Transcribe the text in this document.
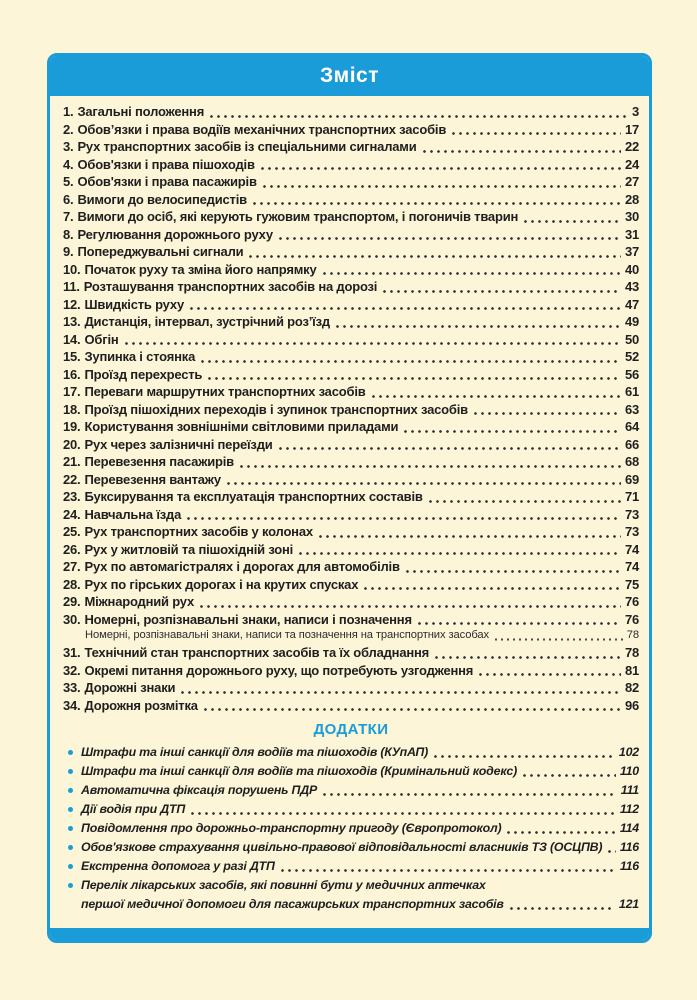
Зміст
1. Загальні положення	3
2. Обов’язки і права водіїв механічних транспортних засобів	17
3. Рух транспортних засобів із спеціальними сигналами	22
4. Обов'язки і права пішоходів	24
5. Обов'язки і права пасажирів	27
6. Вимоги до велосипедистів	28
7. Вимоги до осіб, які керують гужовим транспортом, і погоничів тварин	30
8. Регулювання дорожнього руху	31
9. Попереджувальні сигнали	37
10. Початок руху та зміна його напрямку	40
11. Розташування транспортних засобів на дорозі	43
12. Швидкість руху	47
13. Дистанція, інтервал, зустрічний роз’їзд	49
14. Обгін	50
15. Зупинка і стоянка	52
16. Проїзд перехресть	56
17. Переваги маршрутних транспортних засобів	61
18. Проїзд пішохідних переходів і зупинок транспортних засобів	63
19. Користування зовнішніми світловими приладами	64
20. Рух через залізничні переїзди	66
21. Перевезення пасажирів	68
22. Перевезення вантажу	69
23. Буксирування та експлуатація транспортних составів	71
24. Навчальна їзда	73
25. Рух транспортних засобів у колонах	73
26. Рух у житловій та пішохідній зоні	74
27. Рух по автомагістралях і дорогах для автомобілів	74
28. Рух по гірських дорогах і на крутих спусках	75
29. Міжнародний рух	76
30. Номерні, розпізнавальні знаки, написи і позначення	76
Номерні, розпізнавальні знаки, написи та позначення на транспортних засобах	78
31. Технічний стан транспортних засобів та їх обладнання	78
32. Окремі питання дорожнього руху, що потребують узгодження	81
33. Дорожні знаки	82
34. Дорожня розмітка	96
ДОДАТКИ
Штрафи та інші санкції для водіїв та пішоходів (КУпАП)	102
Штрафи та інші санкції для водіїв та пішоходів (Кримінальний кодекс)	110
Автоматична фіксація порушень ПДР	111
Дії водія при ДТП	112
Повідомлення про дорожньо-транспортну пригоду (Європротокол)	114
Обов'язкове страхування цивільно-правової відповідальності власників ТЗ (ОСЦПВ) 116
Екстренна допомога у разі ДТП	116
Перелік лікарських засобів, які повинні бути у медичних аптечках
першої медичної допомоги для пасажирських транспортних засобів	121
